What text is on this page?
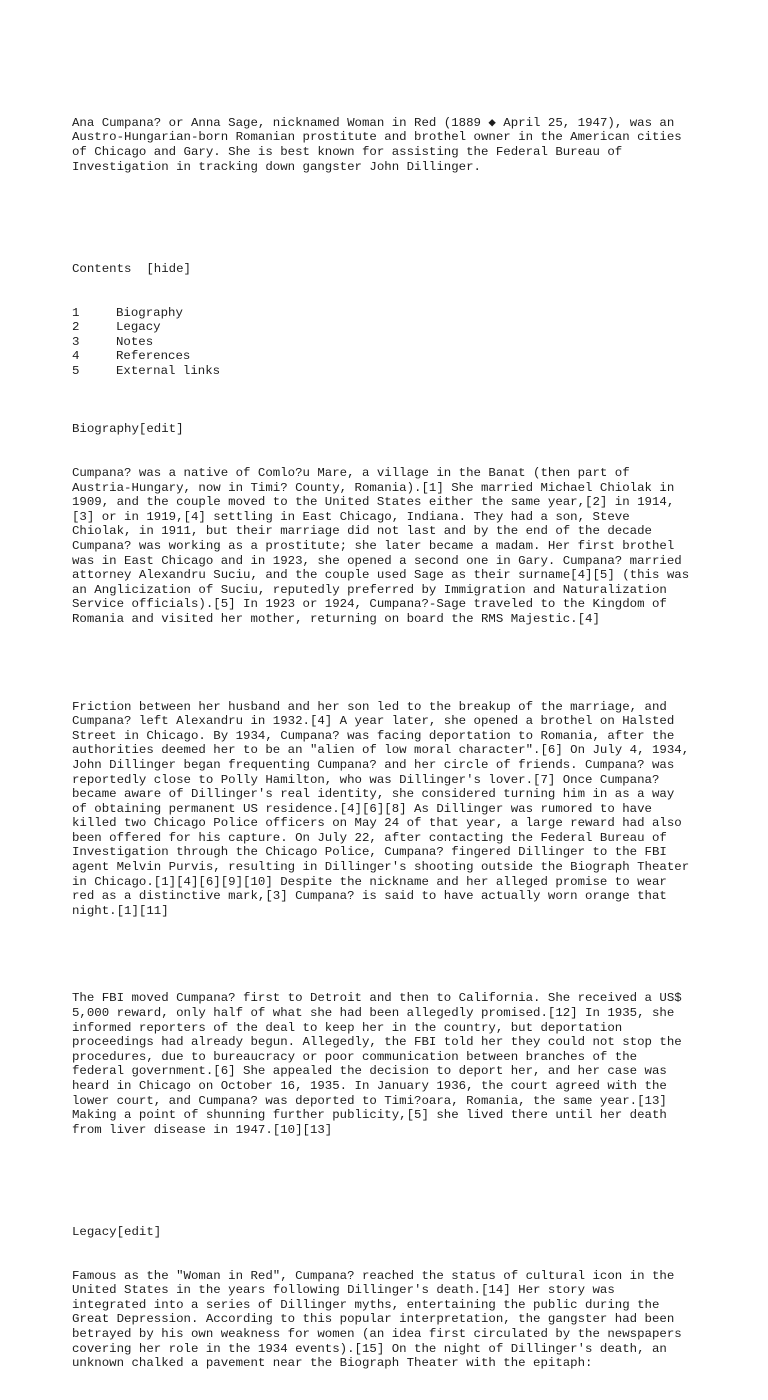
Ana Cumpana? or Anna Sage, nicknamed Woman in Red (1889 ◆ April 25, 1947), was an
Austro-Hungarian-born Romanian prostitute and brothel owner in the American cities
of Chicago and Gary. She is best known for assisting the Federal Bureau of
Investigation in tracking down gangster John Dillinger.

Contents  [hide]

1	Biography
2	Legacy
3	Notes
4	References
5	External links

Biography[edit]

Cumpana? was a native of Comlo?u Mare, a village in the Banat (then part of
Austria-Hungary, now in Timi? County, Romania).[1] She married Michael Chiolak in
1909, and the couple moved to the United States either the same year,[2] in 1914,
[3] or in 1919,[4] settling in East Chicago, Indiana. They had a son, Steve
Chiolak, in 1911, but their marriage did not last and by the end of the decade
Cumpana? was working as a prostitute; she later became a madam. Her first brothel
was in East Chicago and in 1923, she opened a second one in Gary. Cumpana? married
attorney Alexandru Suciu, and the couple used Sage as their surname[4][5] (this was
an Anglicization of Suciu, reputedly preferred by Immigration and Naturalization
Service officials).[5] In 1923 or 1924, Cumpana?-Sage traveled to the Kingdom of
Romania and visited her mother, returning on board the RMS Majestic.[4]

Friction between her husband and her son led to the breakup of the marriage, and
Cumpana? left Alexandru in 1932.[4] A year later, she opened a brothel on Halsted
Street in Chicago. By 1934, Cumpana? was facing deportation to Romania, after the
authorities deemed her to be an "alien of low moral character".[6] On July 4, 1934,
John Dillinger began frequenting Cumpana? and her circle of friends. Cumpana? was
reportedly close to Polly Hamilton, who was Dillinger's lover.[7] Once Cumpana?
became aware of Dillinger's real identity, she considered turning him in as a way
of obtaining permanent US residence.[4][6][8] As Dillinger was rumored to have
killed two Chicago Police officers on May 24 of that year, a large reward had also
been offered for his capture. On July 22, after contacting the Federal Bureau of
Investigation through the Chicago Police, Cumpana? fingered Dillinger to the FBI
agent Melvin Purvis, resulting in Dillinger's shooting outside the Biograph Theater
in Chicago.[1][4][6][9][10] Despite the nickname and her alleged promise to wear
red as a distinctive mark,[3] Cumpana? is said to have actually worn orange that
night.[1][11]

The FBI moved Cumpana? first to Detroit and then to California. She received a US$
5,000 reward, only half of what she had been allegedly promised.[12] In 1935, she
informed reporters of the deal to keep her in the country, but deportation
proceedings had already begun. Allegedly, the FBI told her they could not stop the
procedures, due to bureaucracy or poor communication between branches of the
federal government.[6] She appealed the decision to deport her, and her case was
heard in Chicago on October 16, 1935. In January 1936, the court agreed with the
lower court, and Cumpana? was deported to Timi?oara, Romania, the same year.[13]
Making a point of shunning further publicity,[5] she lived there until her death
from liver disease in 1947.[10][13]

Legacy[edit]

Famous as the "Woman in Red", Cumpana? reached the status of cultural icon in the
United States in the years following Dillinger's death.[14] Her story was
integrated into a series of Dillinger myths, entertaining the public during the
Great Depression. According to this popular interpretation, the gangster had been
betrayed by his own weakness for women (an idea first circulated by the newspapers
covering her role in the 1934 events).[15] On the night of Dillinger's death, an
unknown chalked a pavement near the Biograph Theater with the epitaph:
